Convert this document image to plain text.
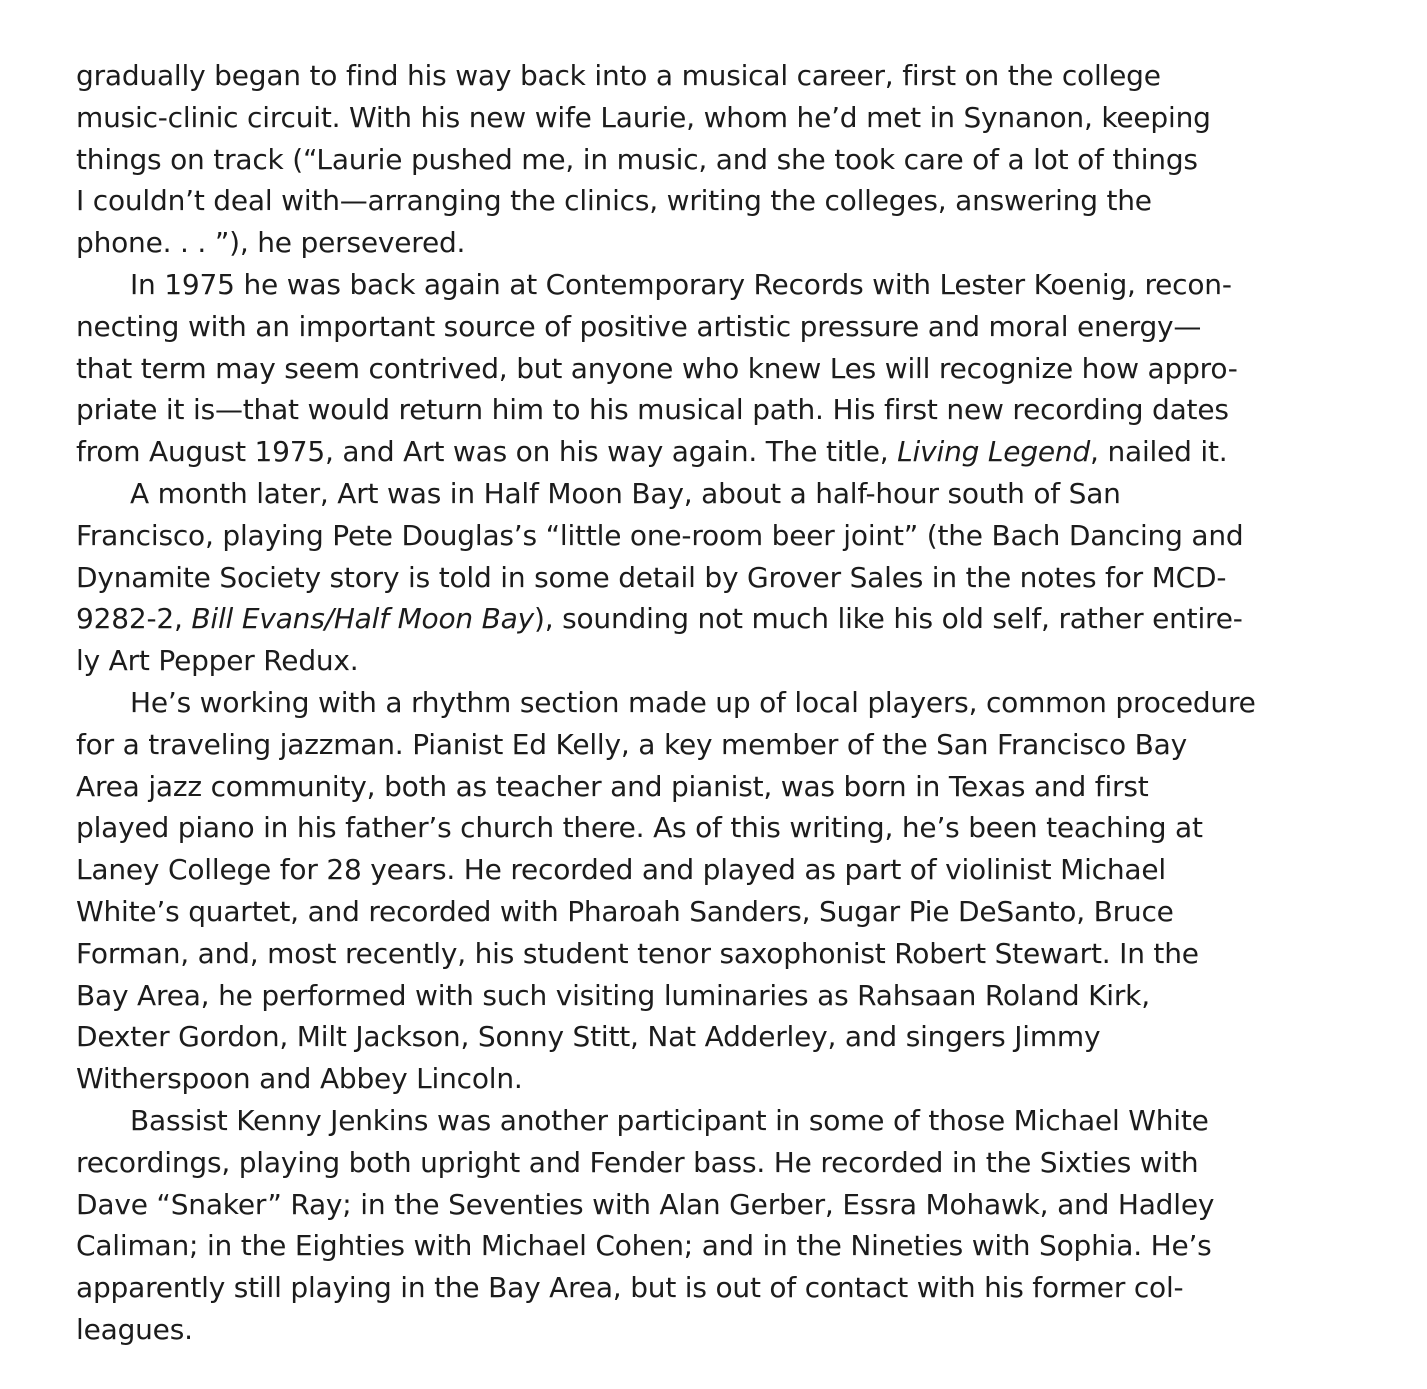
gradually began to find his way back into a musical career, first on the college
music-clinic circuit. With his new wife Laurie, whom he’d met in Synanon, keeping
things on track (“Laurie pushed me, in music, and she took care of a lot of things
I couldn’t deal with—arranging the clinics, writing the colleges, answering the
phone. . . ”), he persevered.
In 1975 he was back again at Contemporary Records with Lester Koenig, recon-
necting with an important source of positive artistic pressure and moral energy—
that term may seem contrived, but anyone who knew Les will recognize how appro-
priate it is—that would return him to his musical path. His first new recording dates
from August 1975, and Art was on his way again. The title, Living Legend, nailed it.
A month later, Art was in Half Moon Bay, about a half-hour south of San
Francisco, playing Pete Douglas’s “little one-room beer joint” (the Bach Dancing and
Dynamite Society story is told in some detail by Grover Sales in the notes for MCD-
9282-2, Bill Evans/Half Moon Bay), sounding not much like his old self, rather entire-
ly Art Pepper Redux.
He’s working with a rhythm section made up of local players, common procedure
for a traveling jazzman. Pianist Ed Kelly, a key member of the San Francisco Bay
Area jazz community, both as teacher and pianist, was born in Texas and first
played piano in his father’s church there. As of this writing, he’s been teaching at
Laney College for 28 years. He recorded and played as part of violinist Michael
White’s quartet, and recorded with Pharoah Sanders, Sugar Pie DeSanto, Bruce
Forman, and, most recently, his student tenor saxophonist Robert Stewart. In the
Bay Area, he performed with such visiting luminaries as Rahsaan Roland Kirk,
Dexter Gordon, Milt Jackson, Sonny Stitt, Nat Adderley, and singers Jimmy
Witherspoon and Abbey Lincoln.
Bassist Kenny Jenkins was another participant in some of those Michael White
recordings, playing both upright and Fender bass. He recorded in the Sixties with
Dave “Snaker” Ray; in the Seventies with Alan Gerber, Essra Mohawk, and Hadley
Caliman; in the Eighties with Michael Cohen; and in the Nineties with Sophia. He’s
apparently still playing in the Bay Area, but is out of contact with his former col-
leagues.
